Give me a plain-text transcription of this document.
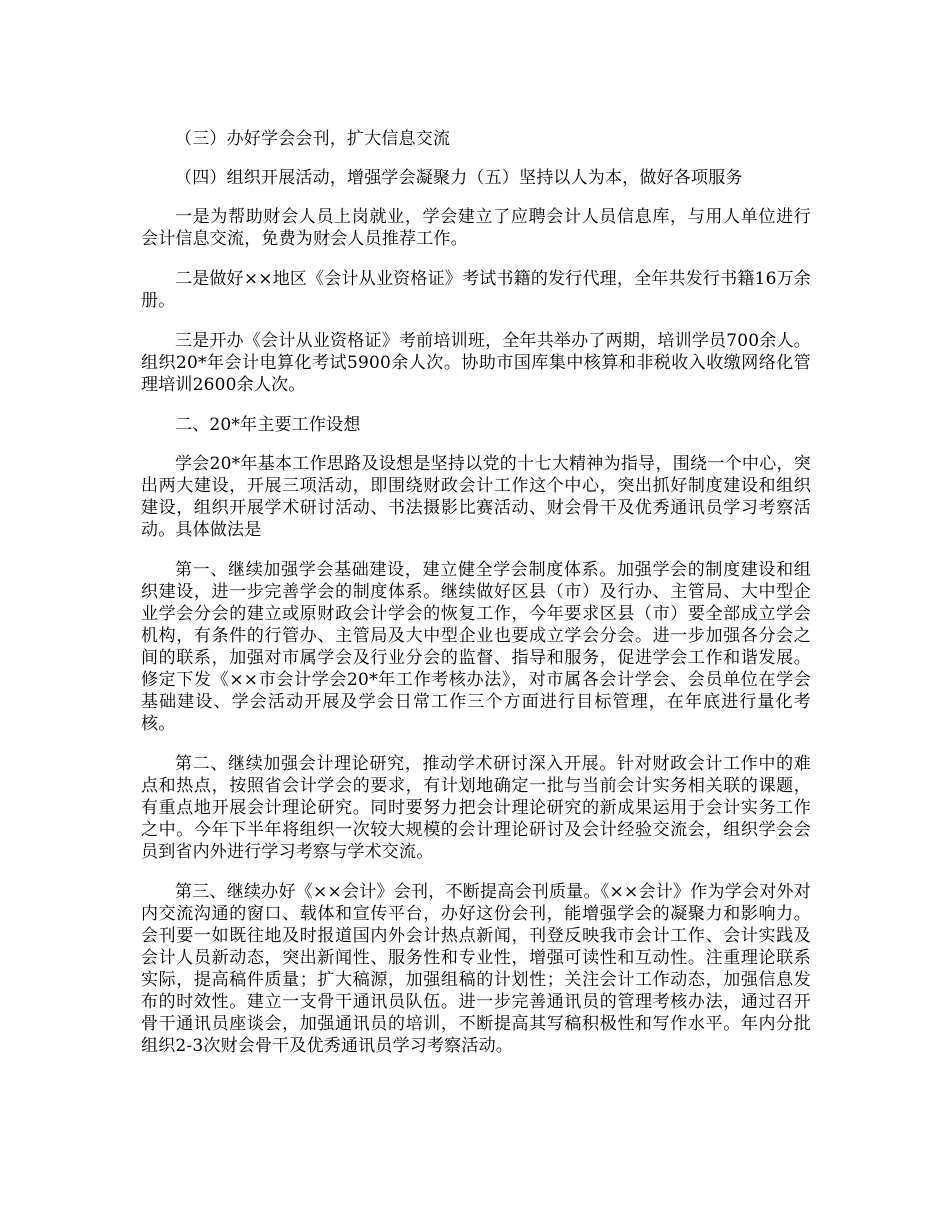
（三）办好学会会刊，扩大信息交流

（四）组织开展活动，增强学会凝聚力（五）坚持以人为本，做好各项服务

一是为帮助财会人员上岗就业，学会建立了应聘会计人员信息库，与用人单位进行会计信息交流，免费为财会人员推荐工作。

二是做好××地区《会计从业资格证》考试书籍的发行代理，全年共发行书籍16万余册。

三是开办《会计从业资格证》考前培训班，全年共举办了两期，培训学员700余人。组织20*年会计电算化考试5900余人次。协助市国库集中核算和非税收入收缴网络化管理培训2600余人次。

二、20*年主要工作设想

学会20*年基本工作思路及设想是坚持以党的十七大精神为指导，围绕一个中心，突出两大建设，开展三项活动，即围绕财政会计工作这个中心，突出抓好制度建设和组织建设，组织开展学术研讨活动、书法摄影比赛活动、财会骨干及优秀通讯员学习考察活动。具体做法是

第一、继续加强学会基础建设，建立健全学会制度体系。加强学会的制度建设和组织建设，进一步完善学会的制度体系。继续做好区县（市）及行办、主管局、大中型企业学会分会的建立或原财政会计学会的恢复工作，今年要求区县（市）要全部成立学会机构，有条件的行管办、主管局及大中型企业也要成立学会分会。进一步加强各分会之间的联系，加强对市属学会及行业分会的监督、指导和服务，促进学会工作和谐发展。修定下发《××市会计学会20*年工作考核办法》，对市属各会计学会、会员单位在学会基础建设、学会活动开展及学会日常工作三个方面进行目标管理，在年底进行量化考核。

第二、继续加强会计理论研究，推动学术研讨深入开展。针对财政会计工作中的难点和热点，按照省会计学会的要求，有计划地确定一批与当前会计实务相关联的课题，有重点地开展会计理论研究。同时要努力把会计理论研究的新成果运用于会计实务工作之中。今年下半年将组织一次较大规模的会计理论研讨及会计经验交流会，组织学会会员到省内外进行学习考察与学术交流。

第三、继续办好《××会计》会刊，不断提高会刊质量。《××会计》作为学会对外对内交流沟通的窗口、载体和宣传平台，办好这份会刊，能增强学会的凝聚力和影响力。会刊要一如既往地及时报道国内外会计热点新闻，刊登反映我市会计工作、会计实践及会计人员新动态，突出新闻性、服务性和专业性，增强可读性和互动性。注重理论联系实际，提高稿件质量；扩大稿源，加强组稿的计划性；关注会计工作动态，加强信息发布的时效性。建立一支骨干通讯员队伍。进一步完善通讯员的管理考核办法，通过召开骨干通讯员座谈会，加强通讯员的培训，不断提高其写稿积极性和写作水平。年内分批组织2-3次财会骨干及优秀通讯员学习考察活动。
